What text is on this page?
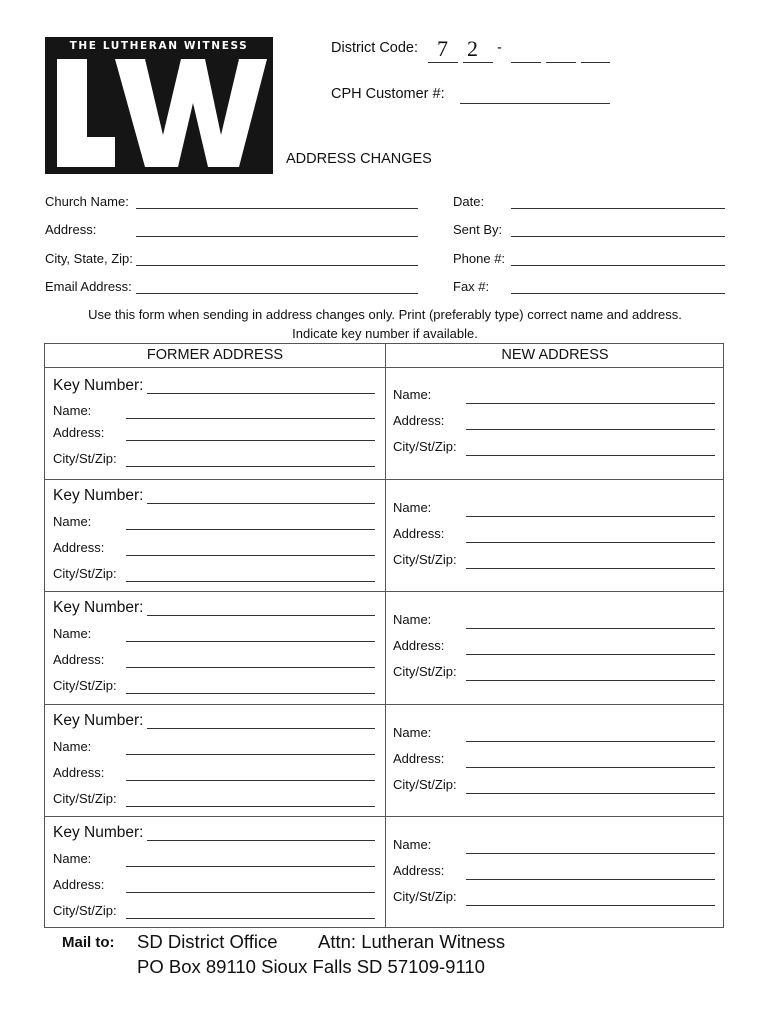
THE LUTHERAN WITNESS
®
District Code: 7 2 -
CPH Customer #:
ADDRESS CHANGES
Church Name:
Address:
City, State, Zip:
Email Address:
Date:
Sent By:
Phone #:
Fax #:
Use this form when sending in address changes only. Print (preferably type) correct name and address.
Indicate key number if available.
FORMER ADDRESS	NEW ADDRESS
Key Number:
Name:
Address:
City/St/Zip:
Name:
Address:
City/St/Zip:
Key Number:
Name:
Address:
City/St/Zip:
Name:
Address:
City/St/Zip:
Key Number:
Name:
Address:
City/St/Zip:
Name:
Address:
City/St/Zip:
Key Number:
Name:
Address:
City/St/Zip:
Name:
Address:
City/St/Zip:
Key Number:
Name:
Address:
City/St/Zip:
Name:
Address:
City/St/Zip:
Mail to: SD District Office Attn: Lutheran Witness
PO Box 89110 Sioux Falls SD 57109-9110
